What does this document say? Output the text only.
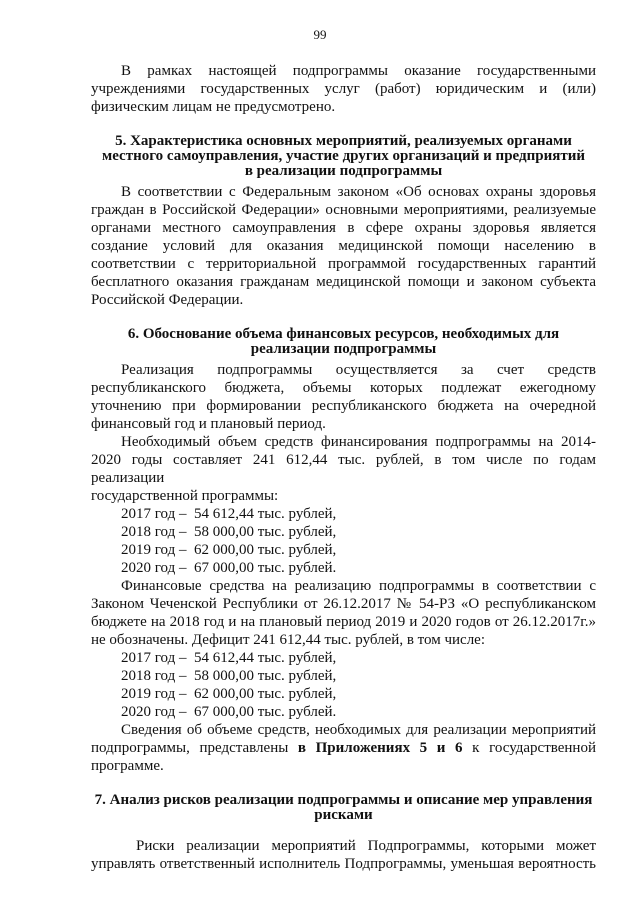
99

В рамках настоящей подпрограммы оказание государственными

учреждениями государственных услуг (работ) юридическим и (или)

физическим лицам не предусмотрено.

5. Характеристика основных мероприятий, реализуемых органами

местного самоуправления, участие других организаций и предприятий

в реализации подпрограммы

В соответствии с Федеральным законом «Об основах охраны здоровья

граждан в Российской Федерации» основными мероприятиями, реализуемые

органами местного самоуправления в сфере охраны здоровья является

создание условий для оказания медицинской помощи населению в

соответствии с территориальной программой государственных гарантий

бесплатного оказания гражданам медицинской помощи и законом субъекта

Российской Федерации.

6. Обоснование объема финансовых ресурсов, необходимых для

реализации подпрограммы

Реализация подпрограммы осуществляется за счет средств

республиканского бюджета, объемы которых подлежат ежегодному

уточнению при формировании республиканского бюджета на очередной

финансовый год и плановый период.

Необходимый объем средств финансирования подпрограммы на 2014-

2020 годы составляет 241 612,44 тыс. рублей, в том числе по годам реализации

государственной программы:

2017 год –  54 612,44 тыс. рублей,

2018 год –  58 000,00 тыс. рублей,

2019 год –  62 000,00 тыс. рублей,

2020 год –  67 000,00 тыс. рублей.

Финансовые средства на реализацию подпрограммы в соответствии с

Законом Чеченской Республики от 26.12.2017 № 54-РЗ «О республиканском

бюджете на 2018 год и на плановый период 2019 и 2020 годов от 26.12.2017г.»

не обозначены. Дефицит 241 612,44 тыс. рублей, в том числе:

2017 год –  54 612,44 тыс. рублей,

2018 год –  58 000,00 тыс. рублей,

2019 год –  62 000,00 тыс. рублей,

2020 год –  67 000,00 тыс. рублей.

Сведения об объеме средств, необходимых для реализации мероприятий

подпрограммы, представлены в Приложениях 5 и 6 к государственной

программе.

7. Анализ рисков реализации подпрограммы и описание мер управления

рисками

Риски реализации мероприятий Подпрограммы, которыми может

управлять ответственный исполнитель Подпрограммы, уменьшая вероятность
